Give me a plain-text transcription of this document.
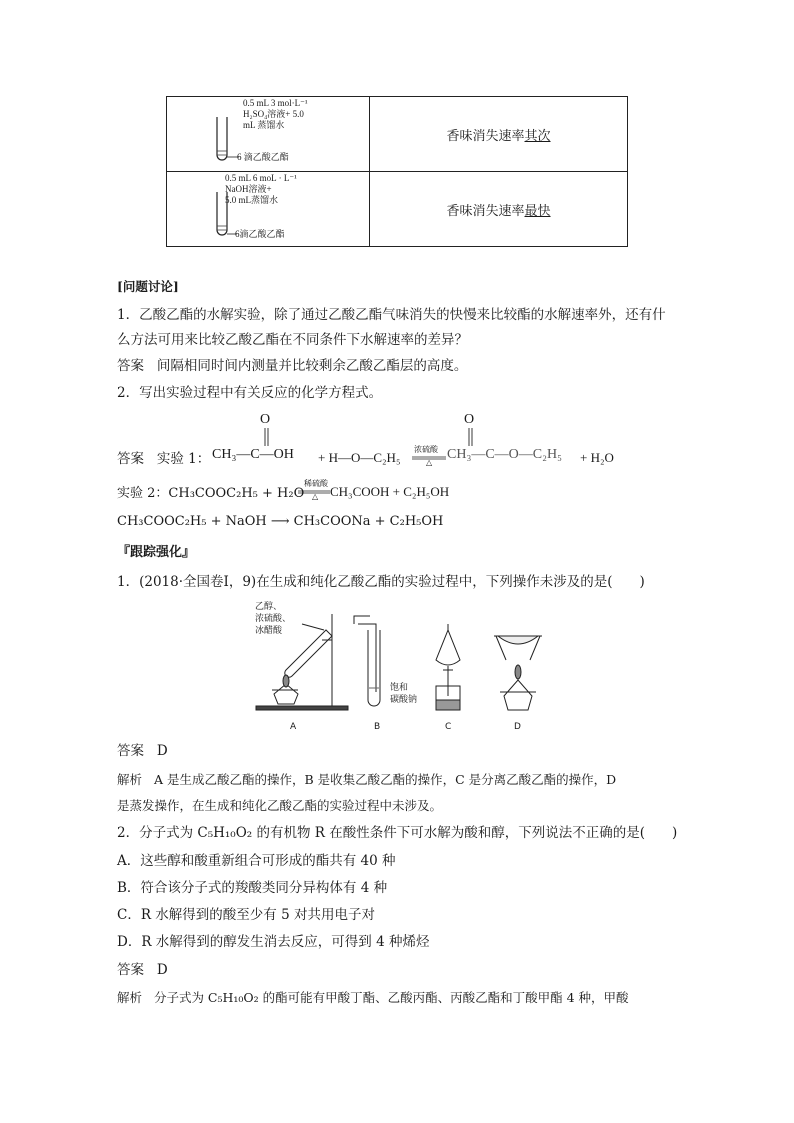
0.5 mL 3 mol·L⁻¹
H₂SO₄溶液+ 5.0
mL 蒸馏水
6 滴乙酸乙酯	香味消失速率其次

0.5 mL 6 moL · L⁻¹
NaOH溶液+
5.0 mL蒸馏水
6滴乙酸乙酯	香味消失速率最快
[问题讨论]
1．乙酸乙酯的水解实验，除了通过乙酸乙酯气味消失的快慢来比较酯的水解速率外，还有什
么方法可用来比较乙酸乙酯在不同条件下水解速率的差异？
答案 间隔相同时间内测量并比较剩余乙酸乙酯层的高度。
2．写出实验过程中有关反应的化学方程式。
答案 实验 1：
O
CH₃—C—OH + H—O—C₂H₅
浓硫酸
△
O
CH₃—C—O—C₂H₅ + H₂O
实验 2：CH₃COOC₂H₅ + H₂O
稀硫酸
△ CH₃COOH + C₂H₅OH
CH₃COOC₂H₅ + NaOH ⟶ CH₃COONa + C₂H₅OH
『跟踪强化』
1．(2018·全国卷Ⅰ，9)在生成和纯化乙酸乙酯的实验过程中，下列操作未涉及的是(　　)
乙醇、
浓硫酸、
冰醋酸
饱和
碳酸钠
A	B	C	D
答案 D
解析 A 是生成乙酸乙酯的操作，B 是收集乙酸乙酯的操作，C 是分离乙酸乙酯的操作，D
是蒸发操作，在生成和纯化乙酸乙酯的实验过程中未涉及。
2．分子式为 C₅H₁₀O₂ 的有机物 R 在酸性条件下可水解为酸和醇，下列说法不正确的是(　　)
A．这些醇和酸重新组合可形成的酯共有 40 种
B．符合该分子式的羧酸类同分异构体有 4 种
C．R 水解得到的酸至少有 5 对共用电子对
D．R 水解得到的醇发生消去反应，可得到 4 种烯烃
答案 D
解析 分子式为 C₅H₁₀O₂ 的酯可能有甲酸丁酯、乙酸丙酯、丙酸乙酯和丁酸甲酯 4 种，甲酸
